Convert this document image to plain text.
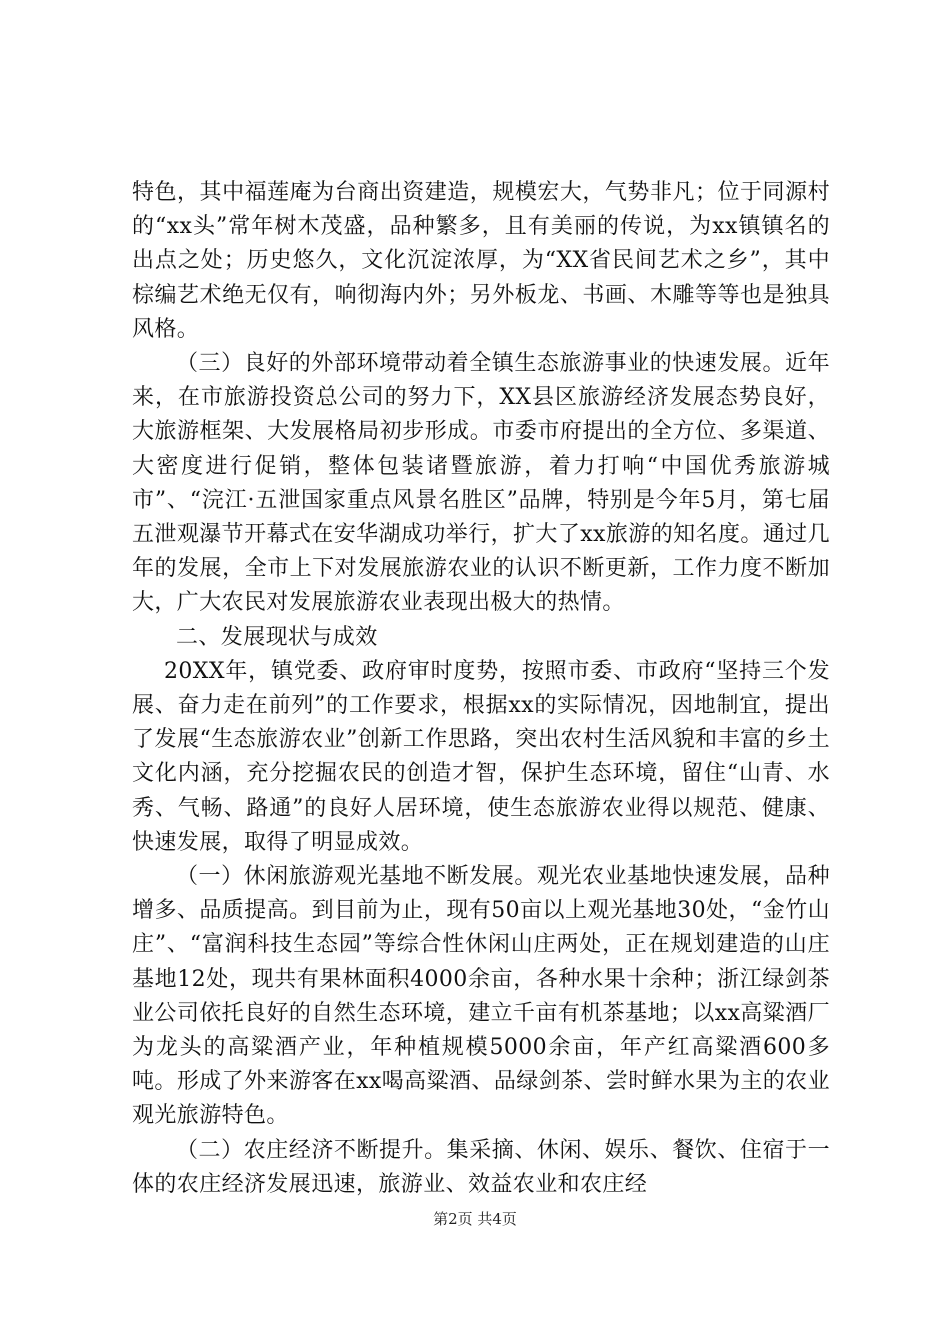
特色，其中福莲庵为台商出资建造，规模宏大，气势非凡；位于同源村的“xx头”常年树木茂盛，品种繁多，且有美丽的传说，为xx镇镇名的出点之处；历史悠久，文化沉淀浓厚，为“XX省民间艺术之乡”，其中棕编艺术绝无仅有，响彻海内外；另外板龙、书画、木雕等等也是独具风格。

（三）良好的外部环境带动着全镇生态旅游事业的快速发展。近年来，在市旅游投资总公司的努力下，XX县区旅游经济发展态势良好，大旅游框架、大发展格局初步形成。市委市府提出的全方位、多渠道、大密度进行促销，整体包装诸暨旅游，着力打响“中国优秀旅游城市”、“浣江·五泄国家重点风景名胜区”品牌，特别是今年5月，第七届五泄观瀑节开幕式在安华湖成功举行，扩大了xx旅游的知名度。通过几年的发展，全市上下对发展旅游农业的认识不断更新，工作力度不断加大，广大农民对发展旅游农业表现出极大的热情。

二、发展现状与成效

20XX年，镇党委、政府审时度势，按照市委、市政府“坚持三个发展、奋力走在前列”的工作要求，根据xx的实际情况，因地制宜，提出了发展“生态旅游农业”创新工作思路，突出农村生活风貌和丰富的乡土文化内涵，充分挖掘农民的创造才智，保护生态环境，留住“山青、水秀、气畅、路通”的良好人居环境，使生态旅游农业得以规范、健康、快速发展，取得了明显成效。

（一）休闲旅游观光基地不断发展。观光农业基地快速发展，品种增多、品质提高。到目前为止，现有50亩以上观光基地30处，“金竹山庄”、“富润科技生态园”等综合性休闲山庄两处，正在规划建造的山庄基地12处，现共有果林面积4000余亩，各种水果十余种；浙江绿剑茶业公司依托良好的自然生态环境，建立千亩有机茶基地；以xx高粱酒厂为龙头的高粱酒产业，年种植规模5000余亩，年产红高粱酒600多吨。形成了外来游客在xx喝高粱酒、品绿剑茶、尝时鲜水果为主的农业观光旅游特色。

（二）农庄经济不断提升。集采摘、休闲、娱乐、餐饮、住宿于一体的农庄经济发展迅速，旅游业、效益农业和农庄经

第2页 共4页
